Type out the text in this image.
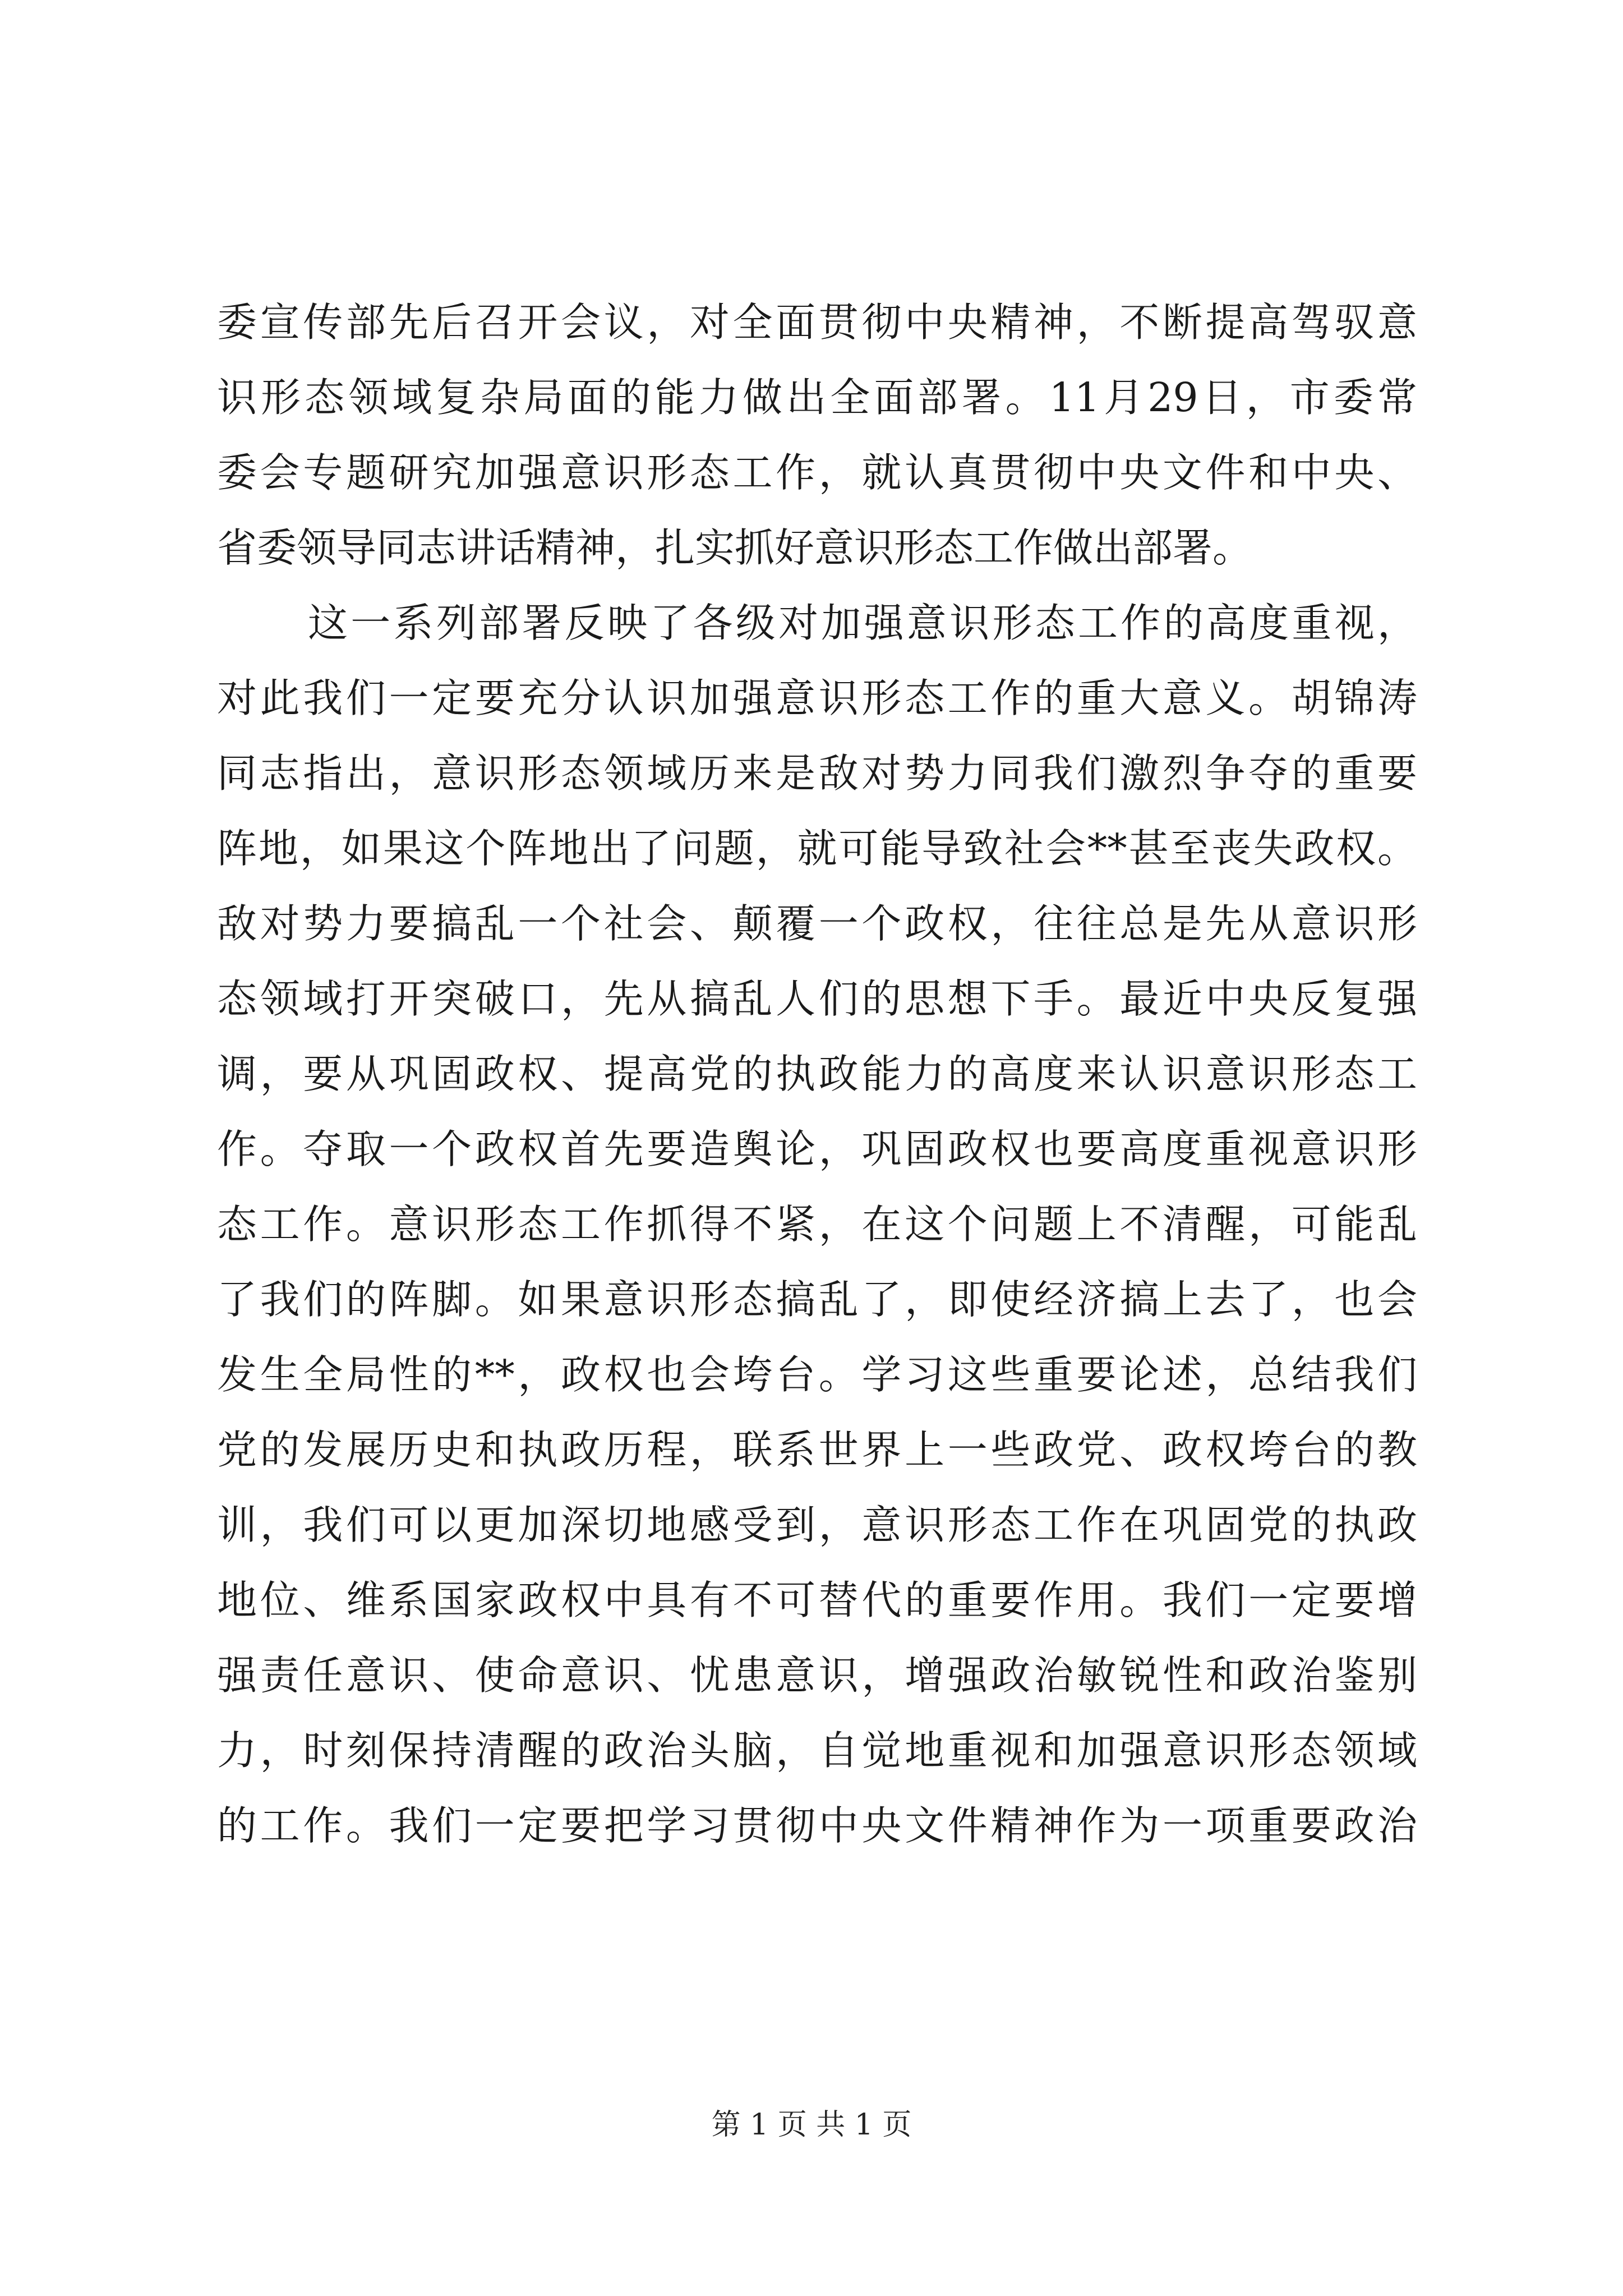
委宣传部先后召开会议，对全面贯彻中央精神，不断提高驾驭意
识形态领域复杂局面的能力做出全面部署。11月29日，市委常
委会专题研究加强意识形态工作，就认真贯彻中央文件和中央、
省委领导同志讲话精神，扎实抓好意识形态工作做出部署。
这一系列部署反映了各级对加强意识形态工作的高度重视，
对此我们一定要充分认识加强意识形态工作的重大意义。胡锦涛
同志指出，意识形态领域历来是敌对势力同我们激烈争夺的重要
阵地，如果这个阵地出了问题，就可能导致社会**甚至丧失政权。
敌对势力要搞乱一个社会、颠覆一个政权，往往总是先从意识形
态领域打开突破口，先从搞乱人们的思想下手。最近中央反复强
调，要从巩固政权、提高党的执政能力的高度来认识意识形态工
作。夺取一个政权首先要造舆论，巩固政权也要高度重视意识形
态工作。意识形态工作抓得不紧，在这个问题上不清醒，可能乱
了我们的阵脚。如果意识形态搞乱了，即使经济搞上去了，也会
发生全局性的**，政权也会垮台。学习这些重要论述，总结我们
党的发展历史和执政历程，联系世界上一些政党、政权垮台的教
训，我们可以更加深切地感受到，意识形态工作在巩固党的执政
地位、维系国家政权中具有不可替代的重要作用。我们一定要增
强责任意识、使命意识、忧患意识，增强政治敏锐性和政治鉴别
力，时刻保持清醒的政治头脑，自觉地重视和加强意识形态领域
的工作。我们一定要把学习贯彻中央文件精神作为一项重要政治
第 1 页 共 1 页
